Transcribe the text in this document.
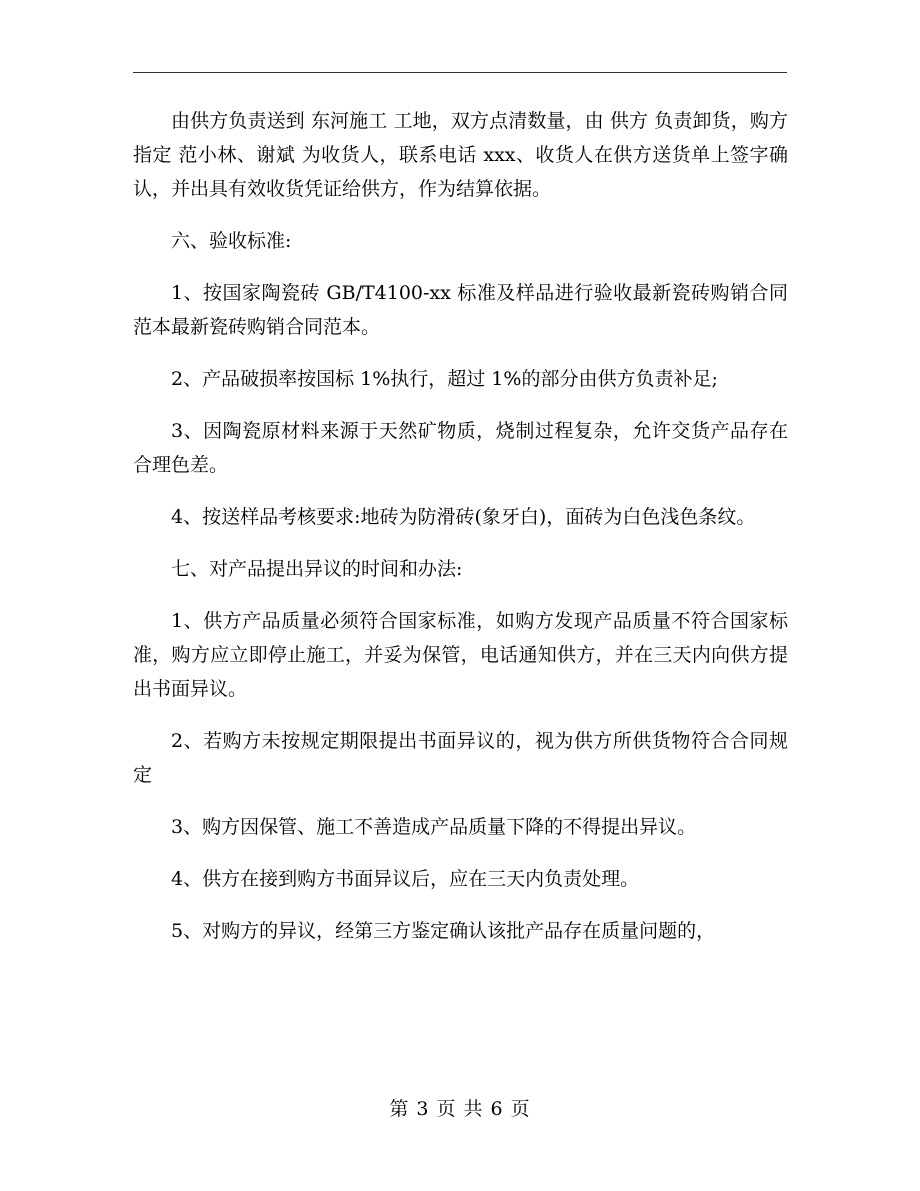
由供方负责送到 东河施工 工地，双方点清数量，由 供方 负责卸货，购方指定 范小林、谢斌 为收货人，联系电话 xxx、收货人在供方送货单上签字确认，并出具有效收货凭证给供方，作为结算依据。

六、验收标准:

1、按国家陶瓷砖 GB/T4100-xx 标准及样品进行验收最新瓷砖购销合同范本最新瓷砖购销合同范本。

2、产品破损率按国标 1%执行，超过 1%的部分由供方负责补足;

3、因陶瓷原材料来源于天然矿物质，烧制过程复杂，允许交货产品存在合理色差。

4、按送样品考核要求:地砖为防滑砖(象牙白)，面砖为白色浅色条纹。

七、对产品提出异议的时间和办法:

1、供方产品质量必须符合国家标准，如购方发现产品质量不符合国家标准，购方应立即停止施工，并妥为保管，电话通知供方，并在三天内向供方提出书面异议。

2、若购方未按规定期限提出书面异议的，视为供方所供货物符合合同规定

3、购方因保管、施工不善造成产品质量下降的不得提出异议。

4、供方在接到购方书面异议后，应在三天内负责处理。

5、对购方的异议，经第三方鉴定确认该批产品存在质量问题的，

第 3 页 共 6 页
